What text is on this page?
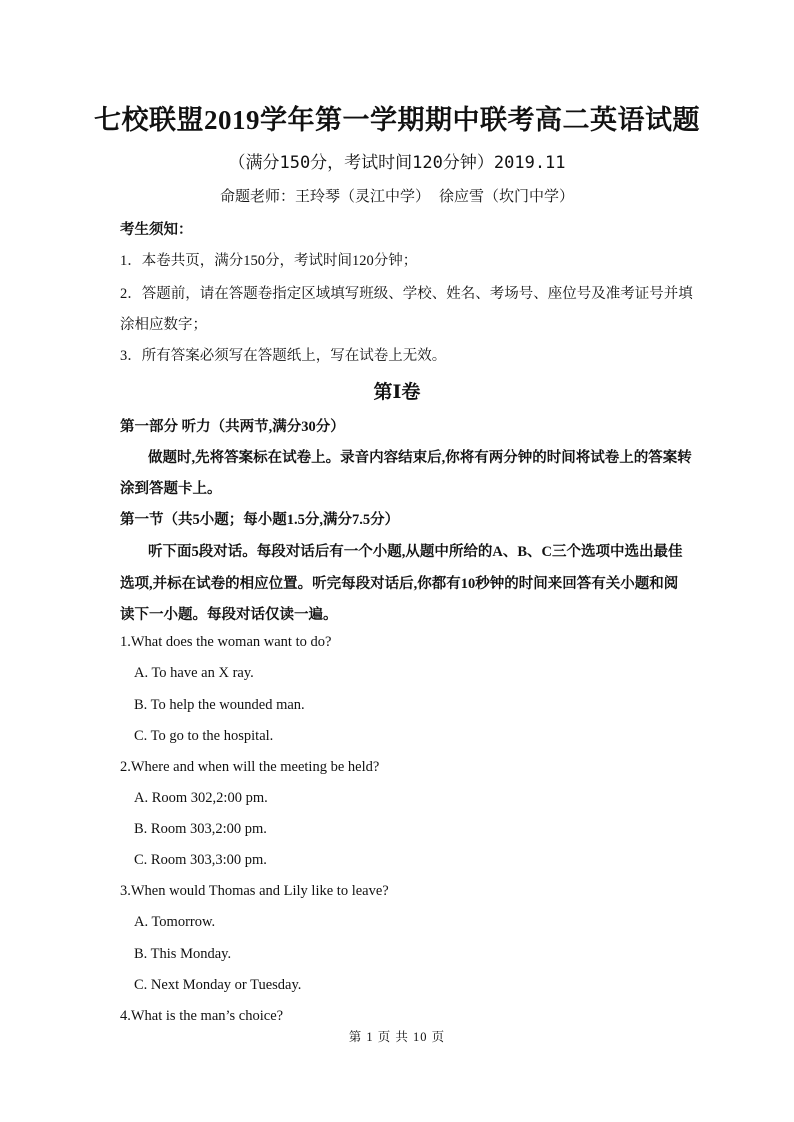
七校联盟2019学年第一学期期中联考高二英语试题
（满分150分，考试时间120分钟）2019.11
命题老师：王玲琴（灵江中学） 徐应雪（坎门中学）
考生须知：
1．本卷共页，满分150分，考试时间120分钟；
2．答题前，请在答题卷指定区域填写班级、学校、姓名、考场号、座位号及准考证号并填
涂相应数字；
3．所有答案必须写在答题纸上，写在试卷上无效。
第Ⅰ卷
第一部分 听力（共两节,满分30分）
做题时,先将答案标在试卷上。录音内容结束后,你将有两分钟的时间将试卷上的答案转
涂到答题卡上。
第一节（共5小题；每小题1.5分,满分7.5分）
听下面5段对话。每段对话后有一个小题,从题中所给的A、B、C三个选项中选出最佳
选项,并标在试卷的相应位置。听完每段对话后,你都有10秒钟的时间来回答有关小题和阅
读下一小题。每段对话仅读一遍。
1.What does the woman want to do?
A. To have an X ray.
B. To help the wounded man.
C. To go to the hospital.
2.Where and when will the meeting be held?
A. Room 302,2:00 pm.
B. Room 303,2:00 pm.
C. Room 303,3:00 pm.
3.When would Thomas and Lily like to leave?
A. Tomorrow.
B. This Monday.
C. Next Monday or Tuesday.
4.What is the man’s choice?
第 1 页 共 10 页
